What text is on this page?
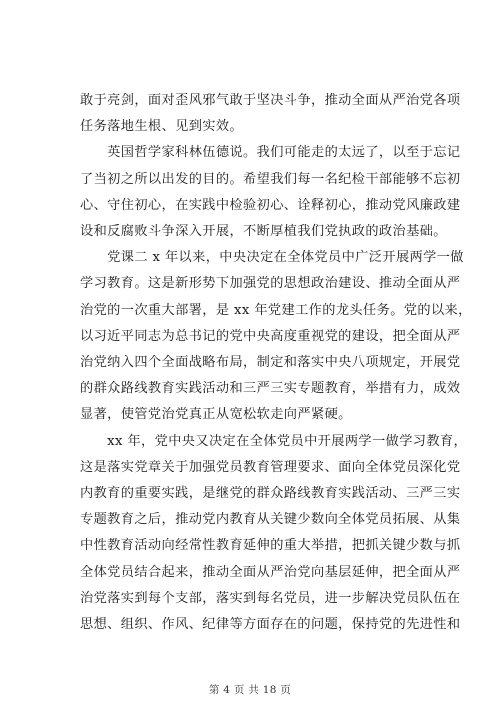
敢于亮剑，面对歪风邪气敢于坚决斗争，推动全面从严治党各项
任务落地生根、见到实效。

　　英国哲学家科林伍德说。我们可能走的太远了，以至于忘记
了当初之所以出发的目的。希望我们每一名纪检干部能够不忘初
心、守住初心，在实践中检验初心、诠释初心，推动党风廉政建
设和反腐败斗争深入开展，不断厚植我们党执政的政治基础。

　　党课二 x 年以来，中央决定在全体党员中广泛开展两学一做
学习教育。这是新形势下加强党的思想政治建设、推动全面从严
治党的一次重大部署，是 xx 年党建工作的龙头任务。党的以来，
以习近平同志为总书记的党中央高度重视党的建设，把全面从严
治党纳入四个全面战略布局，制定和落实中央八项规定，开展党
的群众路线教育实践活动和三严三实专题教育，举措有力，成效
显著，使管党治党真正从宽松软走向严紧硬。

　　xx 年，党中央又决定在全体党员中开展两学一做学习教育，
这是落实党章关于加强党员教育管理要求、面向全体党员深化党
内教育的重要实践，是继党的群众路线教育实践活动、三严三实
专题教育之后，推动党内教育从关键少数向全体党员拓展、从集
中性教育活动向经常性教育延伸的重大举措，把抓关键少数与抓
全体党员结合起来，推动全面从严治党向基层延伸，把全面从严
治党落实到每个支部，落实到每名党员，进一步解决党员队伍在
思想、组织、作风、纪律等方面存在的问题，保持党的先进性和

第 4 页 共 18 页
